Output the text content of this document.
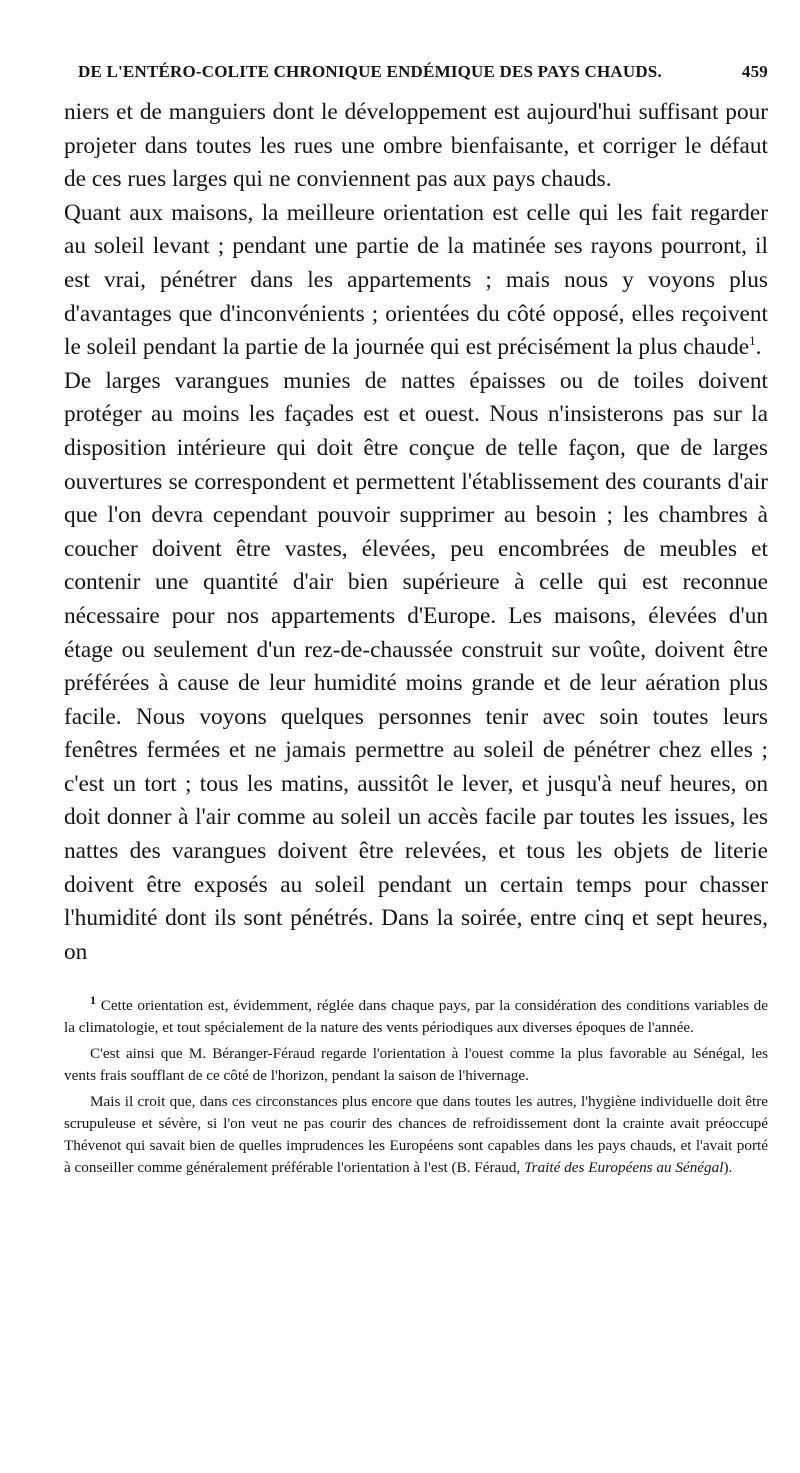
DE L'ENTÉRO-COLITE CHRONIQUE ENDÉMIQUE DES PAYS CHAUDS.	459

niers et de manguiers dont le développement est aujourd'hui suffisant pour projeter dans toutes les rues une ombre bienfaisante, et corriger le défaut de ces rues larges qui ne conviennent pas aux pays chauds.

Quant aux maisons, la meilleure orientation est celle qui les fait regarder au soleil levant ; pendant une partie de la matinée ses rayons pourront, il est vrai, pénétrer dans les appartements ; mais nous y voyons plus d'avantages que d'inconvénients ; orientées du côté opposé, elles reçoivent le soleil pendant la partie de la journée qui est précisément la plus chaude$^1$.

De larges varangues munies de nattes épaisses ou de toiles doivent protéger au moins les façades est et ouest. Nous n'insisterons pas sur la disposition intérieure qui doit être conçue de telle façon, que de larges ouvertures se correspondent et permettent l'établissement des courants d'air que l'on devra cependant pouvoir supprimer au besoin ; les chambres à coucher doivent être vastes, élevées, peu encombrées de meubles et contenir une quantité d'air bien supérieure à celle qui est reconnue nécessaire pour nos appartements d'Europe. Les maisons, élevées d'un étage ou seulement d'un rez-de-chaussée construit sur voûte, doivent être préférées à cause de leur humidité moins grande et de leur aération plus facile. Nous voyons quelques personnes tenir avec soin toutes leurs fenêtres fermées et ne jamais permettre au soleil de pénétrer chez elles ; c'est un tort ; tous les matins, aussitôt le lever, et jusqu'à neuf heures, on doit donner à l'air comme au soleil un accès facile par toutes les issues, les nattes des varangues doivent être relevées, et tous les objets de literie doivent être exposés au soleil pendant un certain temps pour chasser l'humidité dont ils sont pénétrés. Dans la soirée, entre cinq et sept heures, on

$^1$ Cette orientation est, évidemment, réglée dans chaque pays, par la considération des conditions variables de la climatologie, et tout spécialement de la nature des vents périodiques aux diverses époques de l'année.

C'est ainsi que M. Béranger-Féraud regarde l'orientation à l'ouest comme la plus favorable au Sénégal, les vents frais soufflant de ce côté de l'horizon, pendant la saison de l'hivernage.

Mais il croit que, dans ces circonstances plus encore que dans toutes les autres, l'hygiène individuelle doit être scrupuleuse et sévère, si l'on veut ne pas courir des chances de refroidissement dont la crainte avait préoccupé Thévenot qui savait bien de quelles imprudences les Européens sont capables dans les pays chauds, et l'avait porté à conseiller comme généralement préférable l'orientation à l'est (B. Féraud, Traité des Européens au Sénégal).
